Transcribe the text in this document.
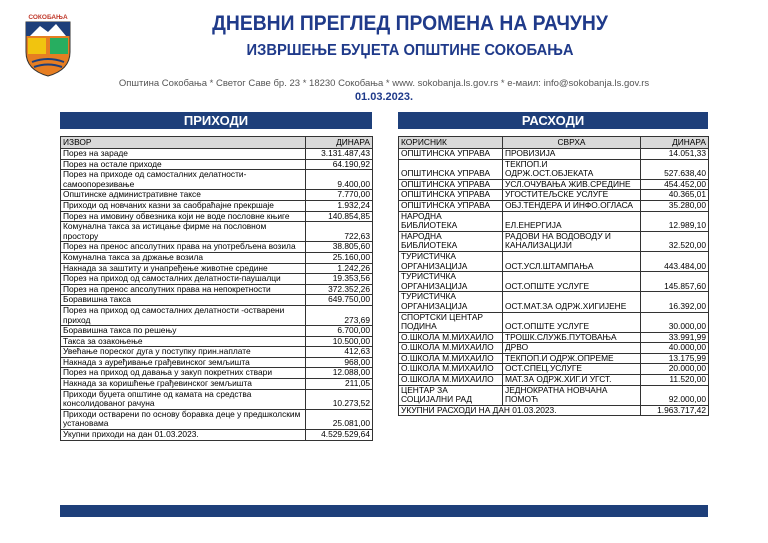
СОКОБАЊА	ДНЕВНИ ПРЕГЛЕД ПРОМЕНА НА РАЧУНУ
ИЗВРШЕЊЕ БУЏЕТА ОПШТИНЕ СОКОБАЊА
Општина Сокобања * Светог Саве бр. 23 * 18230 Сокобања * www. sokobanja.ls.gov.rs * е-маил: info@sokobanja.ls.gov.rs
01.03.2023.
ПРИХОДИ	РАСХОДИ
ИЗВОР	ДИНАРА
Порез на зараде	3.131.487,43
Порез на остале приходе	64.190,92
Порез на приходе од самосталних делатности-самоопорезивање	9.400,00
Општинске административне таксе	7.770,00
Приходи од новчаних казни за саобраћајне прекршаје	1.932,24
Порез на имовину обвезника који не воде пословне књиге	140.854,85
Комунална такса за истицање фирме на пословном простору	722,63
Порез на пренос апсолутних права на употребљена возила	38.805,60
Комунална такса за држање возила	25.160,00
Накнада за заштиту и унапређење животне средине	1.242,26
Порез на приход од самосталних делатности-паушалци	19.353,56
Порез на пренос апсолутних права на непокретности	372.352,26
Боравишна такса	649.750,00
Порез на приход од самосталних делатности -остварени приход	273,69
Боравишна такса по решењу	6.700,00
Такса за озакоњење	10.500,00
Увећање пореског дуга у поступку прин.наплате	412,63
Накнада з ауређивање грађевинског земљишта	968,00
Порез на приход од давања у закуп покретних ствари	12.088,00
Накнада за коришћење грађевинског земљишта	211,05
Приходи буџета општине од камата на средства консолидованог рачуна	10.273,52
Приходи остварени по основу боравка деце у предшколским установама	25.081,00
Укупни приходи на дан 01.03.2023.	4.529.529,64
КОРИСНИК	СВРХА	ДИНАРА
ОПШТИНСКА УПРАВА	ПРОВИЗИЈА	14.051,33
ОПШТИНСКА УПРАВА	ТЕКПОП.И ОДРЖ.ОСТ.ОБЈЕКАТА	527.638,40
ОПШТИНСКА УПРАВА	УСЛ.ОЧУВАЊА ЖИВ.СРЕДИНЕ	454.452,00
ОПШТИНСКА УПРАВА	УГОСТИТЕЉСКЕ УСЛУГЕ	40.365,01
ОПШТИНСКА УПРАВА	ОБЈ.ТЕНДЕРА И ИНФО.ОГЛАСА	35.280,00
НАРОДНА БИБЛИОТЕКА	ЕЛ.ЕНЕРГИЈА	12.989,10
НАРОДНА БИБЛИОТЕКА	РАДОВИ НА ВОДОВОДУ И КАНАЛИЗАЦИЈИ	32.520,00
ТУРИСТИЧКА ОРГАНИЗАЦИЈА	ОСТ.УСЛ.ШТАМПАЊА	443.484,00
ТУРИСТИЧКА ОРГАНИЗАЦИЈА	ОСТ.ОПШТЕ УСЛУГЕ	145.857,60
ТУРИСТИЧКА ОРГАНИЗАЦИЈА	ОСТ.МАТ.ЗА ОДРЖ.ХИГИЈЕНЕ	16.392,00
СПОРТСКИ ЦЕНТАР ПОДИНА	ОСТ.ОПШТЕ УСЛУГЕ	30.000,00
О.ШКОЛА М.МИХАИЛО	ТРОШК.СЛУЖБ.ПУТОВАЊА	33.991,99
О.ШКОЛА М.МИХАИЛО	ДРВО	40.000,00
О.ШКОЛА М.МИХАИЛО	ТЕКПОП.И ОДРЖ.ОПРЕМЕ	13.175,99
О.ШКОЛА М.МИХАИЛО	ОСТ.СПЕЦ.УСЛУГЕ	20.000,00
О.ШКОЛА М.МИХАИЛО	МАТ.ЗА ОДРЖ.ХИГ.И УГСТ.	11.520,00
ЦЕНТАР ЗА СОЦИЈАЛНИ РАД	ЈЕДНОКРАТНА НОВЧАНА ПОМОЋ	92.000,00
УКУПНИ РАСХОДИ НА ДАН 01.03.2023.		1.963.717,42
